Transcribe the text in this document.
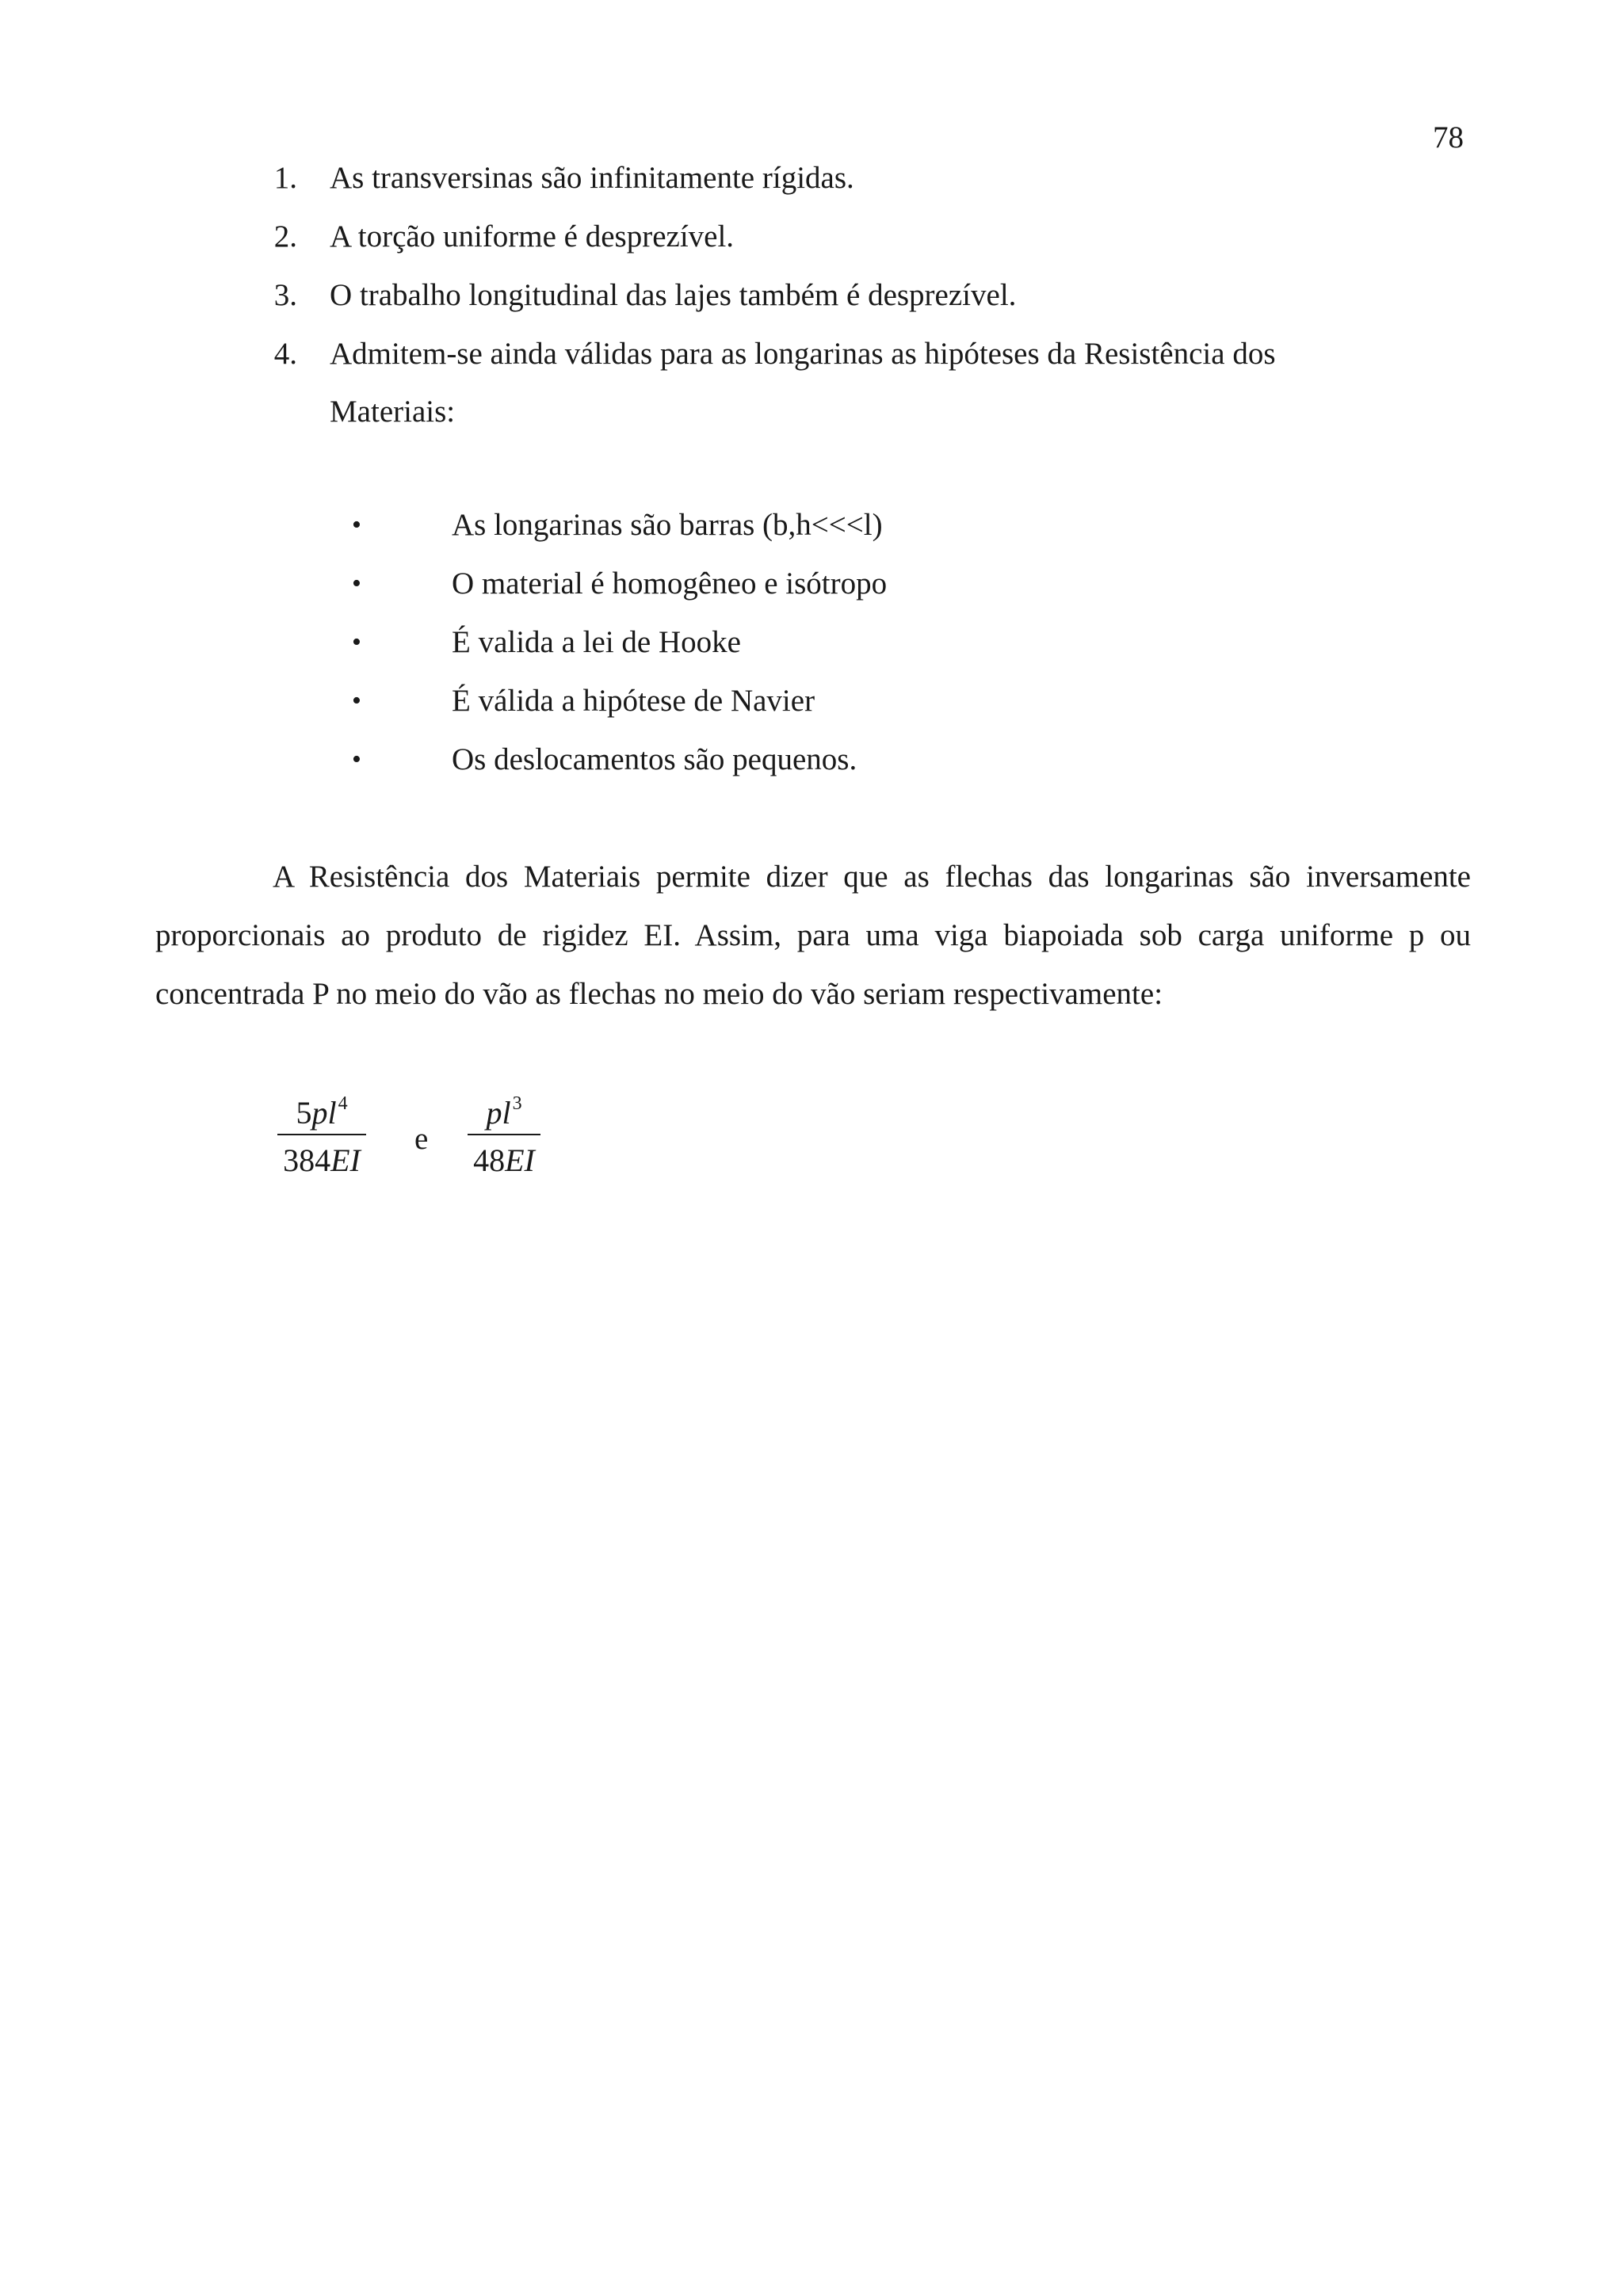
78
1. As transversinas são infinitamente rígidas.
2. A torção uniforme é desprezível.
3. O trabalho longitudinal das lajes também é desprezível.
4. Admitem-se ainda válidas para as longarinas as hipóteses da Resistência dos
Materiais:
•	As longarinas são barras (b,h<<<l)
•	O material é homogêneo e isótropo
•	É valida a lei de Hooke
•	É válida a hipótese de Navier
•	Os deslocamentos são pequenos.
A Resistência dos Materiais permite dizer que as flechas das longarinas são inversamente
proporcionais ao produto de rigidez EI. Assim, para uma viga biapoiada sob carga uniforme p ou
concentrada P no meio do vão as flechas no meio do vão seriam respectivamente:
$5pl^4$
384EI
e
$pl^3$
48EI
